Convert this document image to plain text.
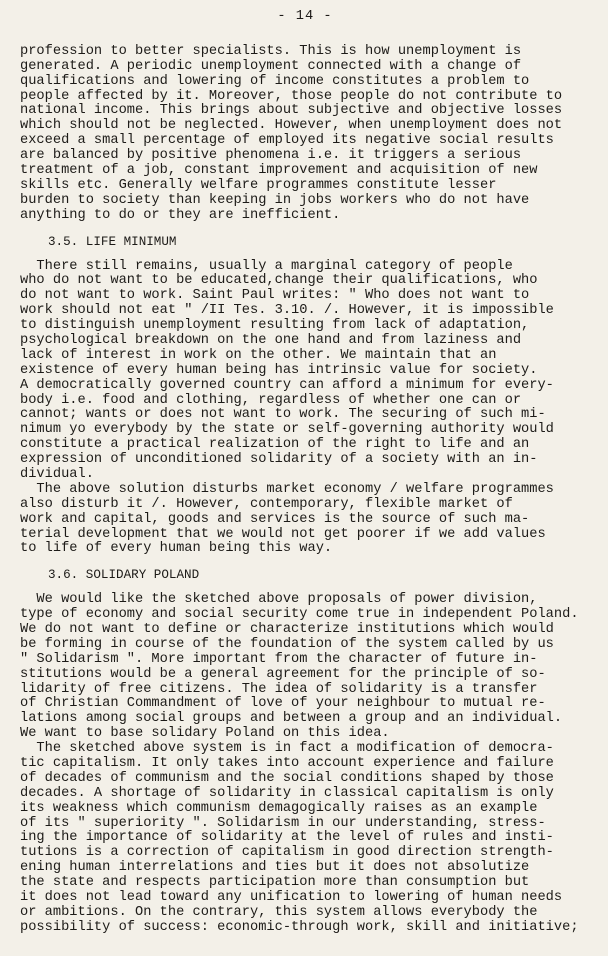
- 14 -
profession to better specialists. This is how unemployment is
generated. A periodic unemployment connected with a change of
qualifications and lowering of income constitutes a problem to
people affected by it. Moreover, those people do not contribute to
national income. This brings about subjective and objective losses
which should not be neglected. However, when unemployment does not
exceed a small percentage of employed its negative social results
are balanced by positive phenomena i.e. it triggers a serious
treatment of a job, constant improvement and acquisition of new
skills etc. Generally welfare programmes constitute lesser
burden to society than keeping in jobs workers who do not have
anything to do or they are inefficient.
3.5. LIFE MINIMUM
There still remains, usually a marginal category of people
who do not want to be educated,change their qualifications, who
do not want to work. Saint Paul writes: " Who does not want to
work should not eat " /II Tes. 3.10. /. However, it is impossible
to distinguish unemployment resulting from lack of adaptation,
psychological breakdown on the one hand and from laziness and
lack of interest in work on the other. We maintain that an
existence of every human being has intrinsic value for society.
A democratically governed country can afford a minimum for every-
body i.e. food and clothing, regardless of whether one can or
cannot; wants or does not want to work. The securing of such mi-
nimum yo everybody by the state or self-governing authority would
constitute a practical realization of the right to life and an
expression of unconditioned solidarity of a society with an in-
dividual.
The above solution disturbs market economy / welfare programmes
also disturb it /. However, contemporary, flexible market of
work and capital, goods and services is the source of such ma-
terial development that we would not get poorer if we add values
to life of every human being this way.
3.6. SOLIDARY POLAND
We would like the sketched above proposals of power division,
type of economy and social security come true in independent Poland.
We do not want to define or characterize institutions which would
be forming in course of the foundation of the system called by us
" Solidarism ". More important from the character of future in-
stitutions would be a general agreement for the principle of so-
lidarity of free citizens. The idea of solidarity is a transfer
of Christian Commandment of love of your neighbour to mutual re-
lations among social groups and between a group and an individual.
We want to base solidary Poland on this idea.
The sketched above system is in fact a modification of democra-
tic capitalism. It only takes into account experience and failure
of decades of communism and the social conditions shaped by those
decades. A shortage of solidarity in classical capitalism is only
its weakness which communism demagogically raises as an example
of its " superiority ". Solidarism in our understanding, stress-
ing the importance of solidarity at the level of rules and insti-
tutions is a correction of capitalism in good direction strength-
ening human interrelations and ties but it does not absolutize
the state and respects participation more than consumption but
it does not lead toward any unification to lowering of human needs
or ambitions. On the contrary, this system allows everybody the
possibility of success: economic-through work, skill and initiative;
